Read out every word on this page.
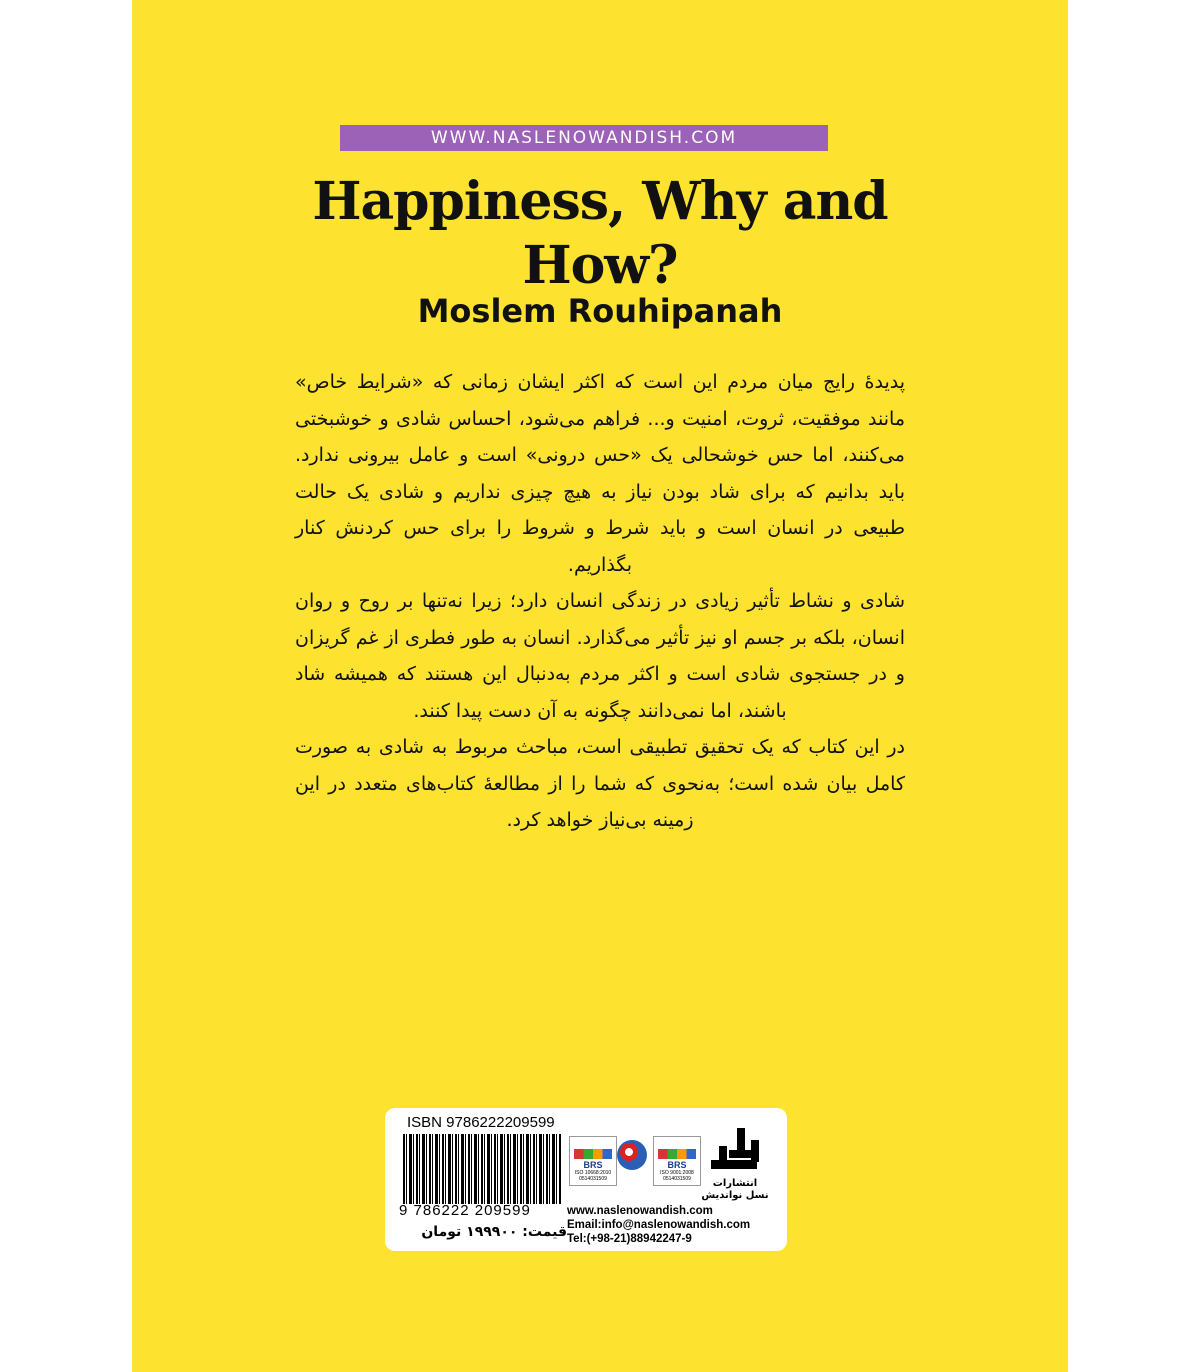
WWW.NASLENOWANDISH.COM
Happiness, Why and
How?
Moslem Rouhipanah

پدیدهٔ رایج میان مردم این است که اکثر ایشان زمانی که «شرایط خاص» مانند موفقیت، ثروت، امنیت و... فراهم می‌شود، احساس شادی و خوشبختی می‌کنند، اما حس خوشحالی یک «حس درونی» است و عامل بیرونی ندارد. باید بدانیم که برای شاد بودن نیاز به هیچ چیزی نداریم و شادی یک حالت طبیعی در انسان است و باید شرط و شروط را برای حس کردنش کنار بگذاریم.

شادی و نشاط تأثیر زیادی در زندگی انسان دارد؛ زیرا نه‌تنها بر روح و روان انسان، بلکه بر جسم او نیز تأثیر می‌گذارد. انسان به طور فطری از غم گریزان و در جستجوی شادی است و اکثر مردم به‌دنبال این هستند که همیشه شاد باشند، اما نمی‌دانند چگونه به آن دست پیدا کنند.

در این کتاب که یک تحقیق تطبیقی است، مباحث مربوط به شادی به صورت کامل بیان شده است؛ به‌نحوی که شما را از مطالعهٔ کتاب‌های متعدد در این زمینه بی‌نیاز خواهد کرد.

ISBN 9786222209599
9 786222 209599
قیمت: ۱۹۹۹۰۰ تومان
BRS
ISO 10668:2010
0514031509
BRS
ISO 9001:2008
0514031509	انتشارات
نسل نواندیش
www.naslenowandish.com
Email:info@naslenowandish.com
Tel:(+98-21)88942247-9
